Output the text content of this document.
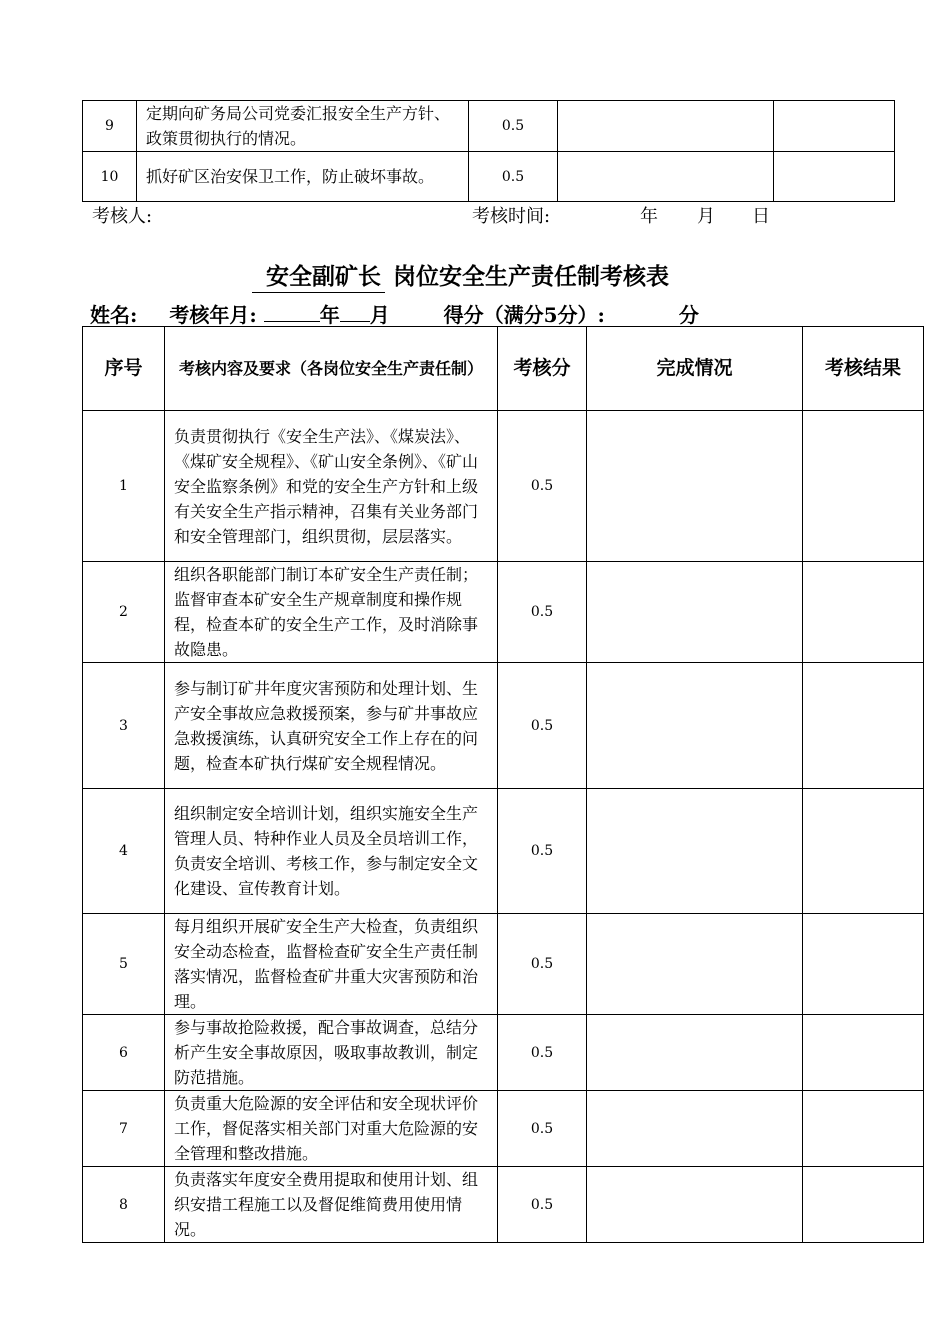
9	定期向矿务局公司党委汇报安全生产方针、政策贯彻执行的情况。	0.5		
10	抓好矿区治安保卫工作，防止破坏事故。	0.5		
考核人:	考核时间:	年 月 日
安全副矿长 岗位安全生产责任制考核表
姓名: 考核年月:	年 月	得分（满分5分）:	分
序号	考核内容及要求（各岗位安全生产责任制）	考核分	完成情况	考核结果
1	负责贯彻执行《安全生产法》、《煤炭法》、《煤矿安全规程》、《矿山安全条例》、《矿山安全监察条例》和党的安全生产方针和上级有关安全生产指示精神，召集有关业务部门和安全管理部门，组织贯彻，层层落实。	0.5		
2	组织各职能部门制订本矿安全生产责任制；监督审查本矿安全生产规章制度和操作规程，检查本矿的安全生产工作，及时消除事故隐患。	0.5		
3	参与制订矿井年度灾害预防和处理计划、生产安全事故应急救援预案，参与矿井事故应急救援演练，认真研究安全工作上存在的问题，检查本矿执行煤矿安全规程情况。	0.5		
4	组织制定安全培训计划，组织实施安全生产管理人员、特种作业人员及全员培训工作，负责安全培训、考核工作，参与制定安全文化建设、宣传教育计划。	0.5		
5	每月组织开展矿安全生产大检查，负责组织安全动态检查，监督检查矿安全生产责任制落实情况，监督检查矿井重大灾害预防和治理。	0.5		
6	参与事故抢险救援，配合事故调查，总结分析产生安全事故原因，吸取事故教训，制定防范措施。	0.5		
7	负责重大危险源的安全评估和安全现状评价工作，督促落实相关部门对重大危险源的安全管理和整改措施。	0.5		
8	负责落实年度安全费用提取和使用计划、组织安措工程施工以及督促维简费用使用情况。	0.5		
